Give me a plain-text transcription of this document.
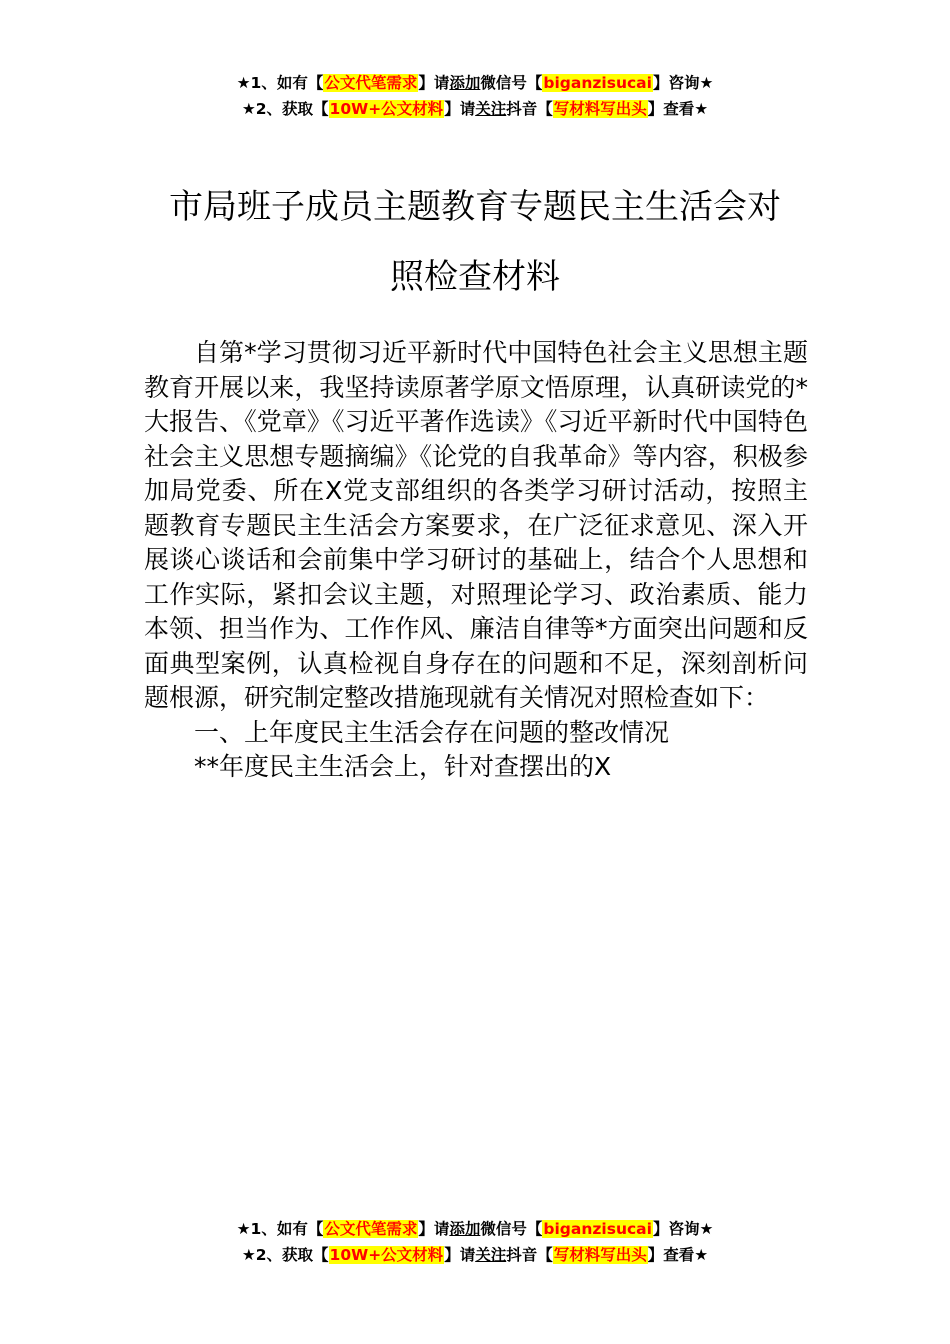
★1、如有【公文代笔需求】请添加微信号【biganzisucai】咨询★
★2、获取【10W+公文材料】请关注抖音【写材料写出头】查看★
市局班子成员主题教育专题民主生活会对
照检查材料

自第*学习贯彻习近平新时代中国特色社会主义思想主题教育开展以来，我坚持读原著学原文悟原理，认真研读党的*大报告、《党章》《习近平著作选读》《习近平新时代中国特色社会主义思想专题摘编》《论党的自我革命》等内容，积极参加局党委、所在X党支部组织的各类学习研讨活动，按照主题教育专题民主生活会方案要求，在广泛征求意见、深入开展谈心谈话和会前集中学习研讨的基础上，结合个人思想和工作实际，紧扣会议主题，对照理论学习、政治素质、能力本领、担当作为、工作作风、廉洁自律等*方面突出问题和反面典型案例，认真检视自身存在的问题和不足，深刻剖析问题根源，研究制定整改措施现就有关情况对照检查如下：

一、上年度民主生活会存在问题的整改情况

**年度民主生活会上，针对查摆出的X

★1、如有【公文代笔需求】请添加微信号【biganzisucai】咨询★
★2、获取【10W+公文材料】请关注抖音【写材料写出头】查看★
